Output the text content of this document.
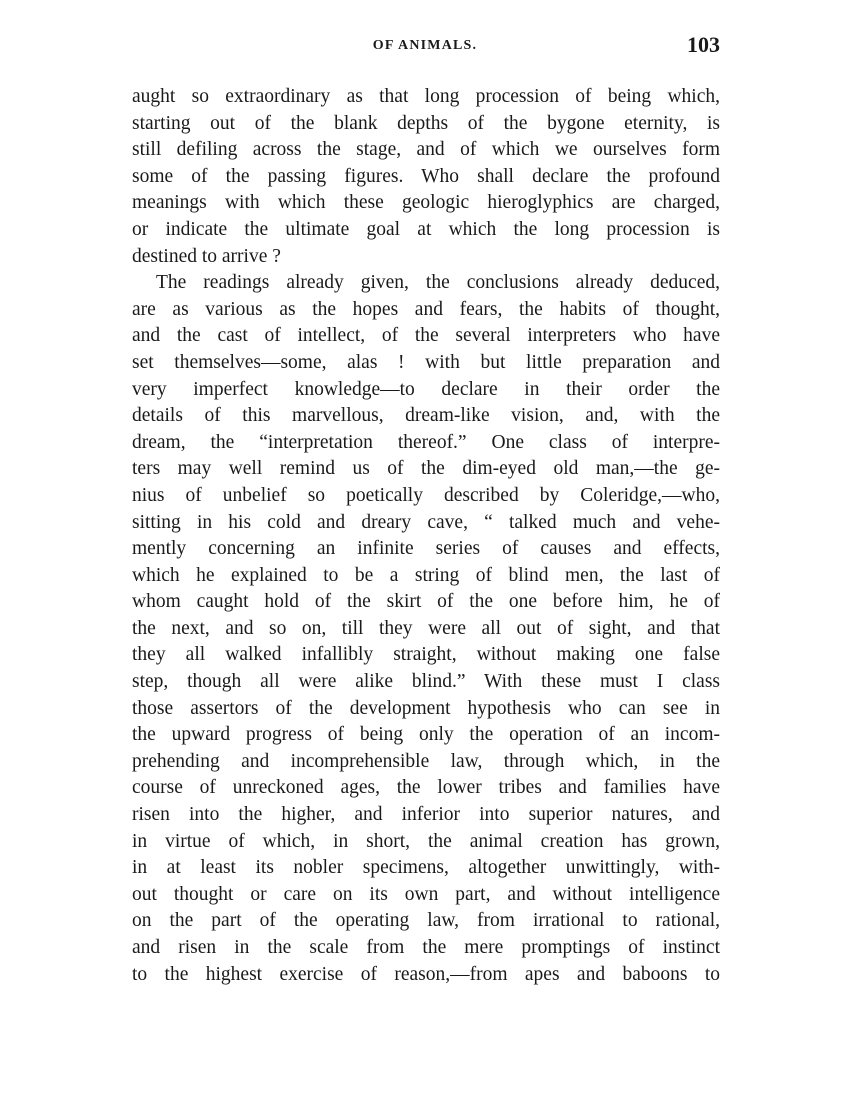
OF ANIMALS.	103
aught so extraordinary as that long procession of being which,
starting out of the blank depths of the bygone eternity, is
still defiling across the stage, and of which we ourselves form
some of the passing figures. Who shall declare the profound
meanings with which these geologic hieroglyphics are charged,
or indicate the ultimate goal at which the long procession is
destined to arrive ?
The readings already given, the conclusions already deduced,
are as various as the hopes and fears, the habits of thought,
and the cast of intellect, of the several interpreters who have
set themselves—some, alas ! with but little preparation and
very imperfect knowledge—to declare in their order the
details of this marvellous, dream-like vision, and, with the
dream, the “interpretation thereof.” One class of interpre-
ters may well remind us of the dim-eyed old man,—the ge-
nius of unbelief so poetically described by Coleridge,—who,
sitting in his cold and dreary cave, “ talked much and vehe-
mently concerning an infinite series of causes and effects,
which he explained to be a string of blind men, the last of
whom caught hold of the skirt of the one before him, he of
the next, and so on, till they were all out of sight, and that
they all walked infallibly straight, without making one false
step, though all were alike blind.” With these must I class
those assertors of the development hypothesis who can see in
the upward progress of being only the operation of an incom-
prehending and incomprehensible law, through which, in the
course of unreckoned ages, the lower tribes and families have
risen into the higher, and inferior into superior natures, and
in virtue of which, in short, the animal creation has grown,
in at least its nobler specimens, altogether unwittingly, with-
out thought or care on its own part, and without intelligence
on the part of the operating law, from irrational to rational,
and risen in the scale from the mere promptings of instinct
to the highest exercise of reason,—from apes and baboons to
